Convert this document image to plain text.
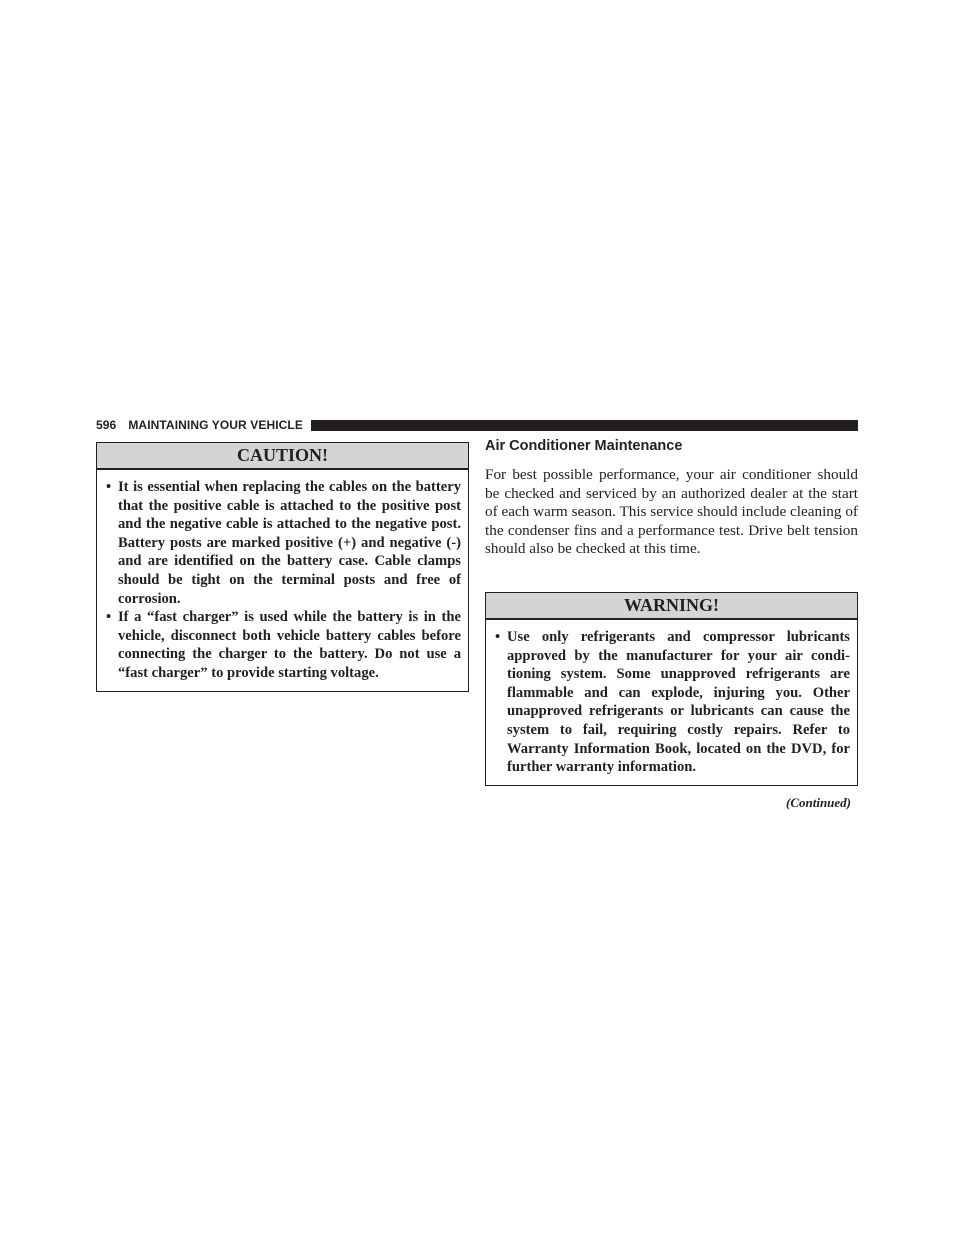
596 MAINTAINING YOUR VEHICLE
CAUTION!
• It is essential when replacing the cables on the battery that the positive cable is attached to the positive post and the negative cable is attached to the negative post. Battery posts are marked positive (+) and negative (-) and are identified on the battery case. Cable clamps should be tight on the terminal posts and free of corrosion.
• If a “fast charger” is used while the battery is in the vehicle, disconnect both vehicle battery cables before connecting the charger to the battery. Do not use a “fast charger” to provide starting voltage.
Air Conditioner Maintenance
For best possible performance, your air conditioner should be checked and serviced by an authorized dealer at the start of each warm season. This service should include cleaning of the condenser fins and a performance test. Drive belt tension should also be checked at this time.
WARNING!
• Use only refrigerants and compressor lubricants approved by the manufacturer for your air conditioning system. Some unapproved refrigerants are flammable and can explode, injuring you. Other unapproved refrigerants or lubricants can cause the system to fail, requiring costly repairs. Refer to Warranty Information Book, located on the DVD, for further warranty information.
(Continued)
